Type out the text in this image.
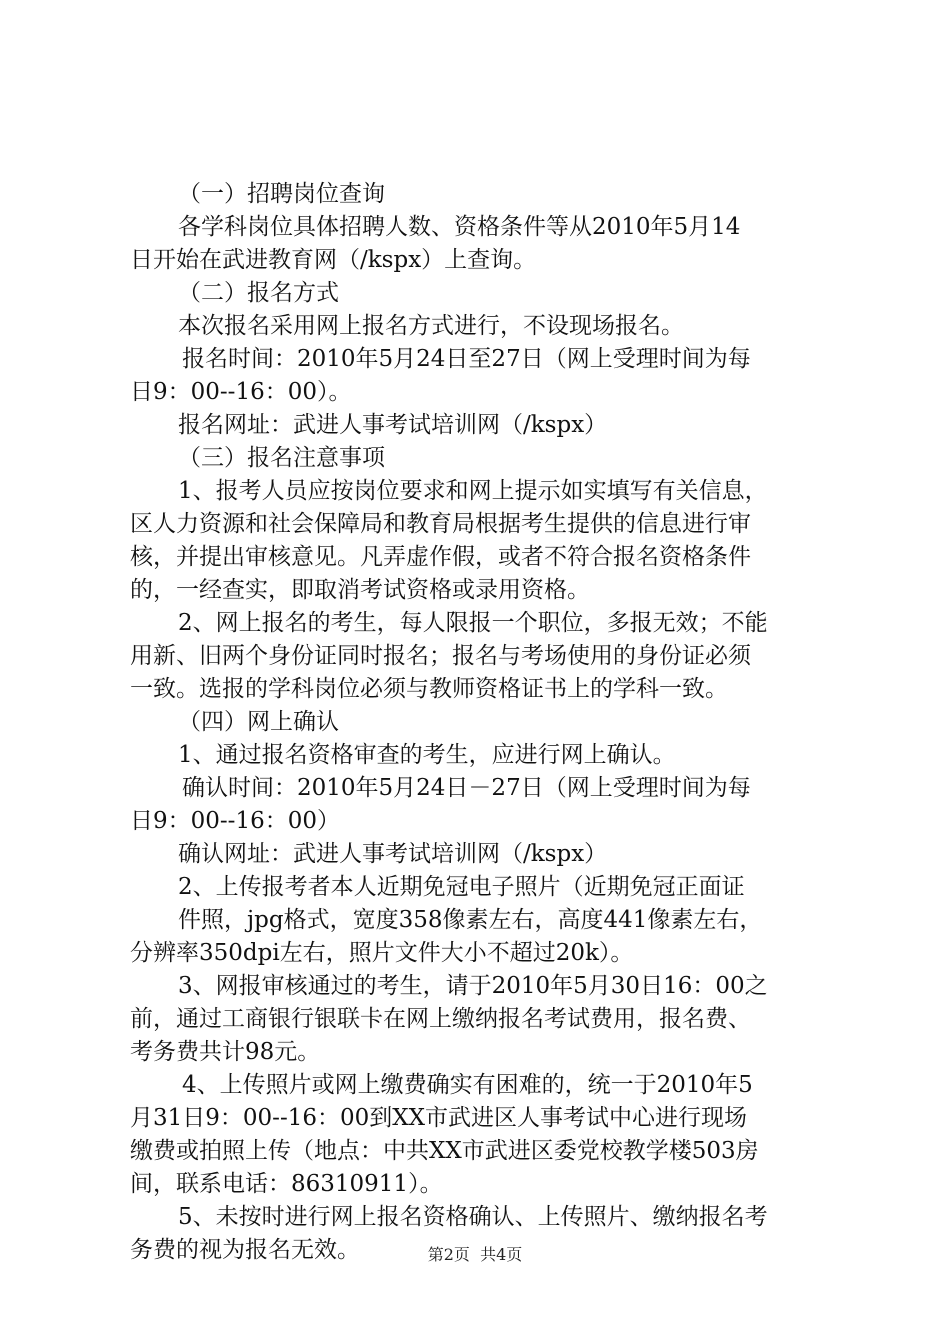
（一）招聘岗位查询
各学科岗位具体招聘人数、资格条件等从2010年5月14
日开始在武进教育网（/kspx）上查询。
（二）报名方式
本次报名采用网上报名方式进行，不设现场报名。
报名时间：2010年5月24日至27日（网上受理时间为每
日9：00--16：00）。
报名网址：武进人事考试培训网（/kspx）
（三）报名注意事项
1、报考人员应按岗位要求和网上提示如实填写有关信息，
区人力资源和社会保障局和教育局根据考生提供的信息进行审
核，并提出审核意见。凡弄虚作假，或者不符合报名资格条件
的，一经查实，即取消考试资格或录用资格。
2、网上报名的考生，每人限报一个职位，多报无效；不能
用新、旧两个身份证同时报名；报名与考场使用的身份证必须
一致。选报的学科岗位必须与教师资格证书上的学科一致。
（四）网上确认
1、通过报名资格审查的考生，应进行网上确认。
确认时间：2010年5月24日－27日（网上受理时间为每
日9：00--16：00）
确认网址：武进人事考试培训网（/kspx）
2、上传报考者本人近期免冠电子照片（近期免冠正面证
件照，jpg格式，宽度358像素左右，高度441像素左右，
分辨率350dpi左右，照片文件大小不超过20k）。
3、网报审核通过的考生，请于2010年5月30日16：00之
前，通过工商银行银联卡在网上缴纳报名考试费用，报名费、
考务费共计98元。
4、上传照片或网上缴费确实有困难的，统一于2010年5
月31日9：00--16：00到XX市武进区人事考试中心进行现场
缴费或拍照上传（地点：中共XX市武进区委党校教学楼503房
间，联系电话：86310911）。
5、未按时进行网上报名资格确认、上传照片、缴纳报名考
务费的视为报名无效。	第2页 共4页
